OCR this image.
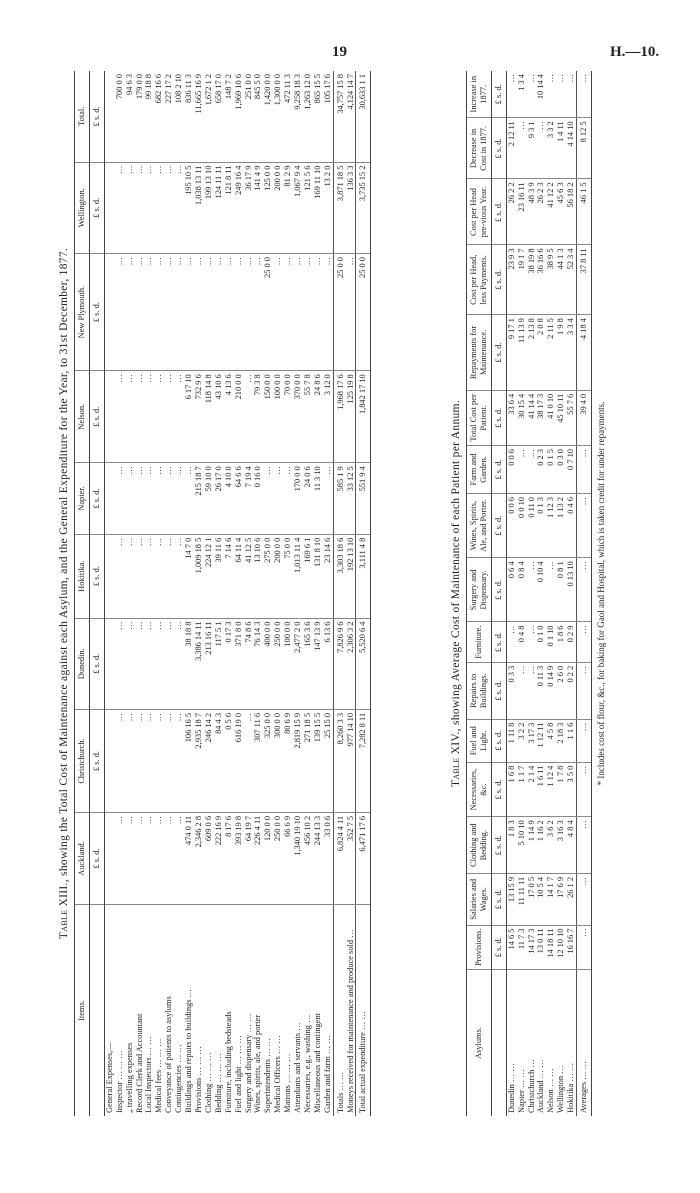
19	H.—10.
Table XIII., showing the Total Cost of Maintenance against each Asylum, and the General Expenditure for the Year, to 31st December, 1877.
Items.	Auckland.	Christchurch.	Dunedin.	Hokitika.	Napier.	Nelson.	New Plymouth.	Wellington.	Total.
	£ s. d.	£ s. d.	£ s. d.	£ s. d.	£ s. d.	£ s. d.	£ s. d.	£ s. d.	£ s. d.
General Expenses,—									
Inspector … … …	…	…	…	…	…	…	…	…	700 0 0
„ travelling expenses	…	…	…	…	…	…	…	…	94 6 3
Record Clerk and Accountant	…	…	…	…	…	…	…	…	179 0 0
Local Inspectors … …	…	…	…	…	…	…	…	…	99 18 8
Medical fees … … …	…	…	…	…	…	…	…	…	682 16 6
Conveyance of patients to asylums	…	…	…	…	…	…	…	…	227 17 2
Contingencies … …	…	…	…	…	…	…	…	…	108 2 10
Buildings and repairs to buildings …	474 0 11	106 16 5	38 18 8	14 7 0	…	6 17 10	…	195 10 5	836 11 3
Provisions … … …	2,346 2 8	2,935 18 7	3,386 14 11	1,009 18 5	215 18 7	732 9 6	…	1,038 13 11	11,665 16 9
Clothing … … …	609 0 6	246 14 2	213 16 11	224 12 1	59 10 0	118 14 8	…	199 13 10	1,672 1 2
Bedding … … …	222 16 9	84 4 3	117 5 1	39 11 6	26 17 0	43 10 6	…	124 11 11	658 17 0
Furniture, including bedsteads	8 17 6	0 5 6	0 17 3	7 14 6	4 10 0	4 13 6	…	121 8 11	148 7 2
Fuel and light … … …	393 19 8	616 19 0	371 8 0	64 11 4	64 6 6	210 0 0	…	249 16 4	1,969 10 6
Surgery and dispensary … …	64 19 7	…	74 8 6	41 12 5	7 19 4	…	…	36 17 9	251 0 0
Wines, spirits, ale, and porter	226 4 11	307 11 6	76 14 3	13 10 6	0 16 0	79 3 8	…	141 4 9	845 5 0
Superintendents … …	120 0 0	325 0 0	400 0 0	275 0 0	…	150 0 0	25 0 0	125 0 0	1,420 0 0
Medical Officers … …	250 0 0	300 0 0	250 0 0	200 0 0	…	100 0 0	…	200 0 0	1,300 0 0
Matrons … … …	66 6 9	80 6 9	100 0 0	75 0 0	…	70 0 0	…	81 2 9	472 11 3
Attendants and servants …	1,340 19 10	2,819 15 9	2,477 2 0	1,013 11 4	170 0 0	370 0 0	…	1,067 9 4	9,258 18 3
Necessaries, e.g., washing …	456 10 2	271 18 5	165 3 6	169 6 1	24 0 6	55 7 8	…	121 5 6	1,263 12 0
Miscellaneous and contingent	244 13 3	139 15 5	147 13 9	131 8 10	11 3 10	24 8 6	…	169 11 10	865 15 5
Garden and farm … …	33 0 6	25 15 0	6 13 6	23 14 6	…	3 12 0	…	13 2 0	105 17 6
Totals … …	6,824 4 11	8,260 3 3	7,826 9 6	3,303 18 6	585 1 9	1,968 17 6	25 0 0	3,871 18 5	34,757 15 8
Moneys received for maintenance and produce sold …	352 7 5	977 14 10	2,306 3 2	192 13 10	33 12 5	125 19 8	…	136 3 3	4,124 14 7
Total actual expenditure … …	6,471 17 6	7,282 8 11	5,520 6 4	3,111 4 8	551 9 4	1,842 17 10	25 0 0	3,735 15 2	30,633 1 1
Table XIV., showing Average Cost of Maintenance of each Patient per Annum.
Asylums.	Provisions.	Salaries and Wages.	Clothing and Bedding.	Necessaries, &c.	Fuel and Light.	Repairs to Buildings.	Furniture.	Surgery and Dispensary.	Wines, Spirits, Ale, and Porter.	Farm and Garden.	Total Cost per Patient.	Repayments for Maintenance.	Cost per Head, less Payments.	Cost per Head pre-vious Year.	Decrease in Cost in 1877.	Increase in 1877.
	£ s. d.	£ s. d.	£ s. d.	£ s. d.	£ s. d.	£ s. d.	£ s. d.	£ s. d.	£ s. d.	£ s. d.	£ s. d.	£ s. d.	£ s. d.	£ s. d.	£ s. d.	£ s. d.
Dunedin … …	14 6 5	13 15 9	1 8 3	1 6 8	1 11 8	0 3 3	…	0 6 4	0 0 6	0 0 6	33 6 4	9 17 1	23 9 3	26 2 2	2 12 11	…
Napier … …	11 7 3	11 11 11	5 10 10	1 1 7	3 2 2	…	0 4 8	0 8 4	0 0 10	…	30 15 4	11 13 9	19 1 7	23 16 11	…	1 3 4
Christchurch …	14 17 3	17 0 5	1 14 9	2 1 4	3 17 3	…	…	…	0 11 0	…	41 14 4	2 13 8	38 19 8	48 3 9	9 3 1	…
Auckland … …	13 0 11	10 5 4	1 16 2	1 6 11	1 12 11	0 11 3	0 1 0	0 10 4	0 1 3	0 2 3	38 17 3	2 0 8	36 16 6	26 2 3	…	10 14 4
Nelson … …	14 18 11	14 1 7	3 6 2	1 12 4	4 5 8	0 14 9	0 1 10	…	1 12 3	0 1 5	41 0 10	2 11 5	38 9 5	41 12 2	3 3 2	…
Wellington …	12 10 10	17 6 9	3 16 3	1 7 8	2 18 3	2 6 0	1 8 6	0 8 1	1 13 2	0 3 0	45 10 11	1 9 8	44 1 3	45 6 3	1 4 11	…
Hokitika … …	16 16 7	26 1 2	4 8 4	3 5 0	1 1 6	0 2 2	0 2 9	0 13 10	0 4 6	0 7 10	55 7 6	3 3 4	52 3 4	56 18 2	4 14 10	…
Averages … …	…	…	…	…	…	…	…	…	…	…	39 4 0	4 18 4	37 8 11	46 1 5	8 12 5	…
* Includes cost of flour, &c., for baking for Gaol and Hospital, which is taken credit for under repayments.
